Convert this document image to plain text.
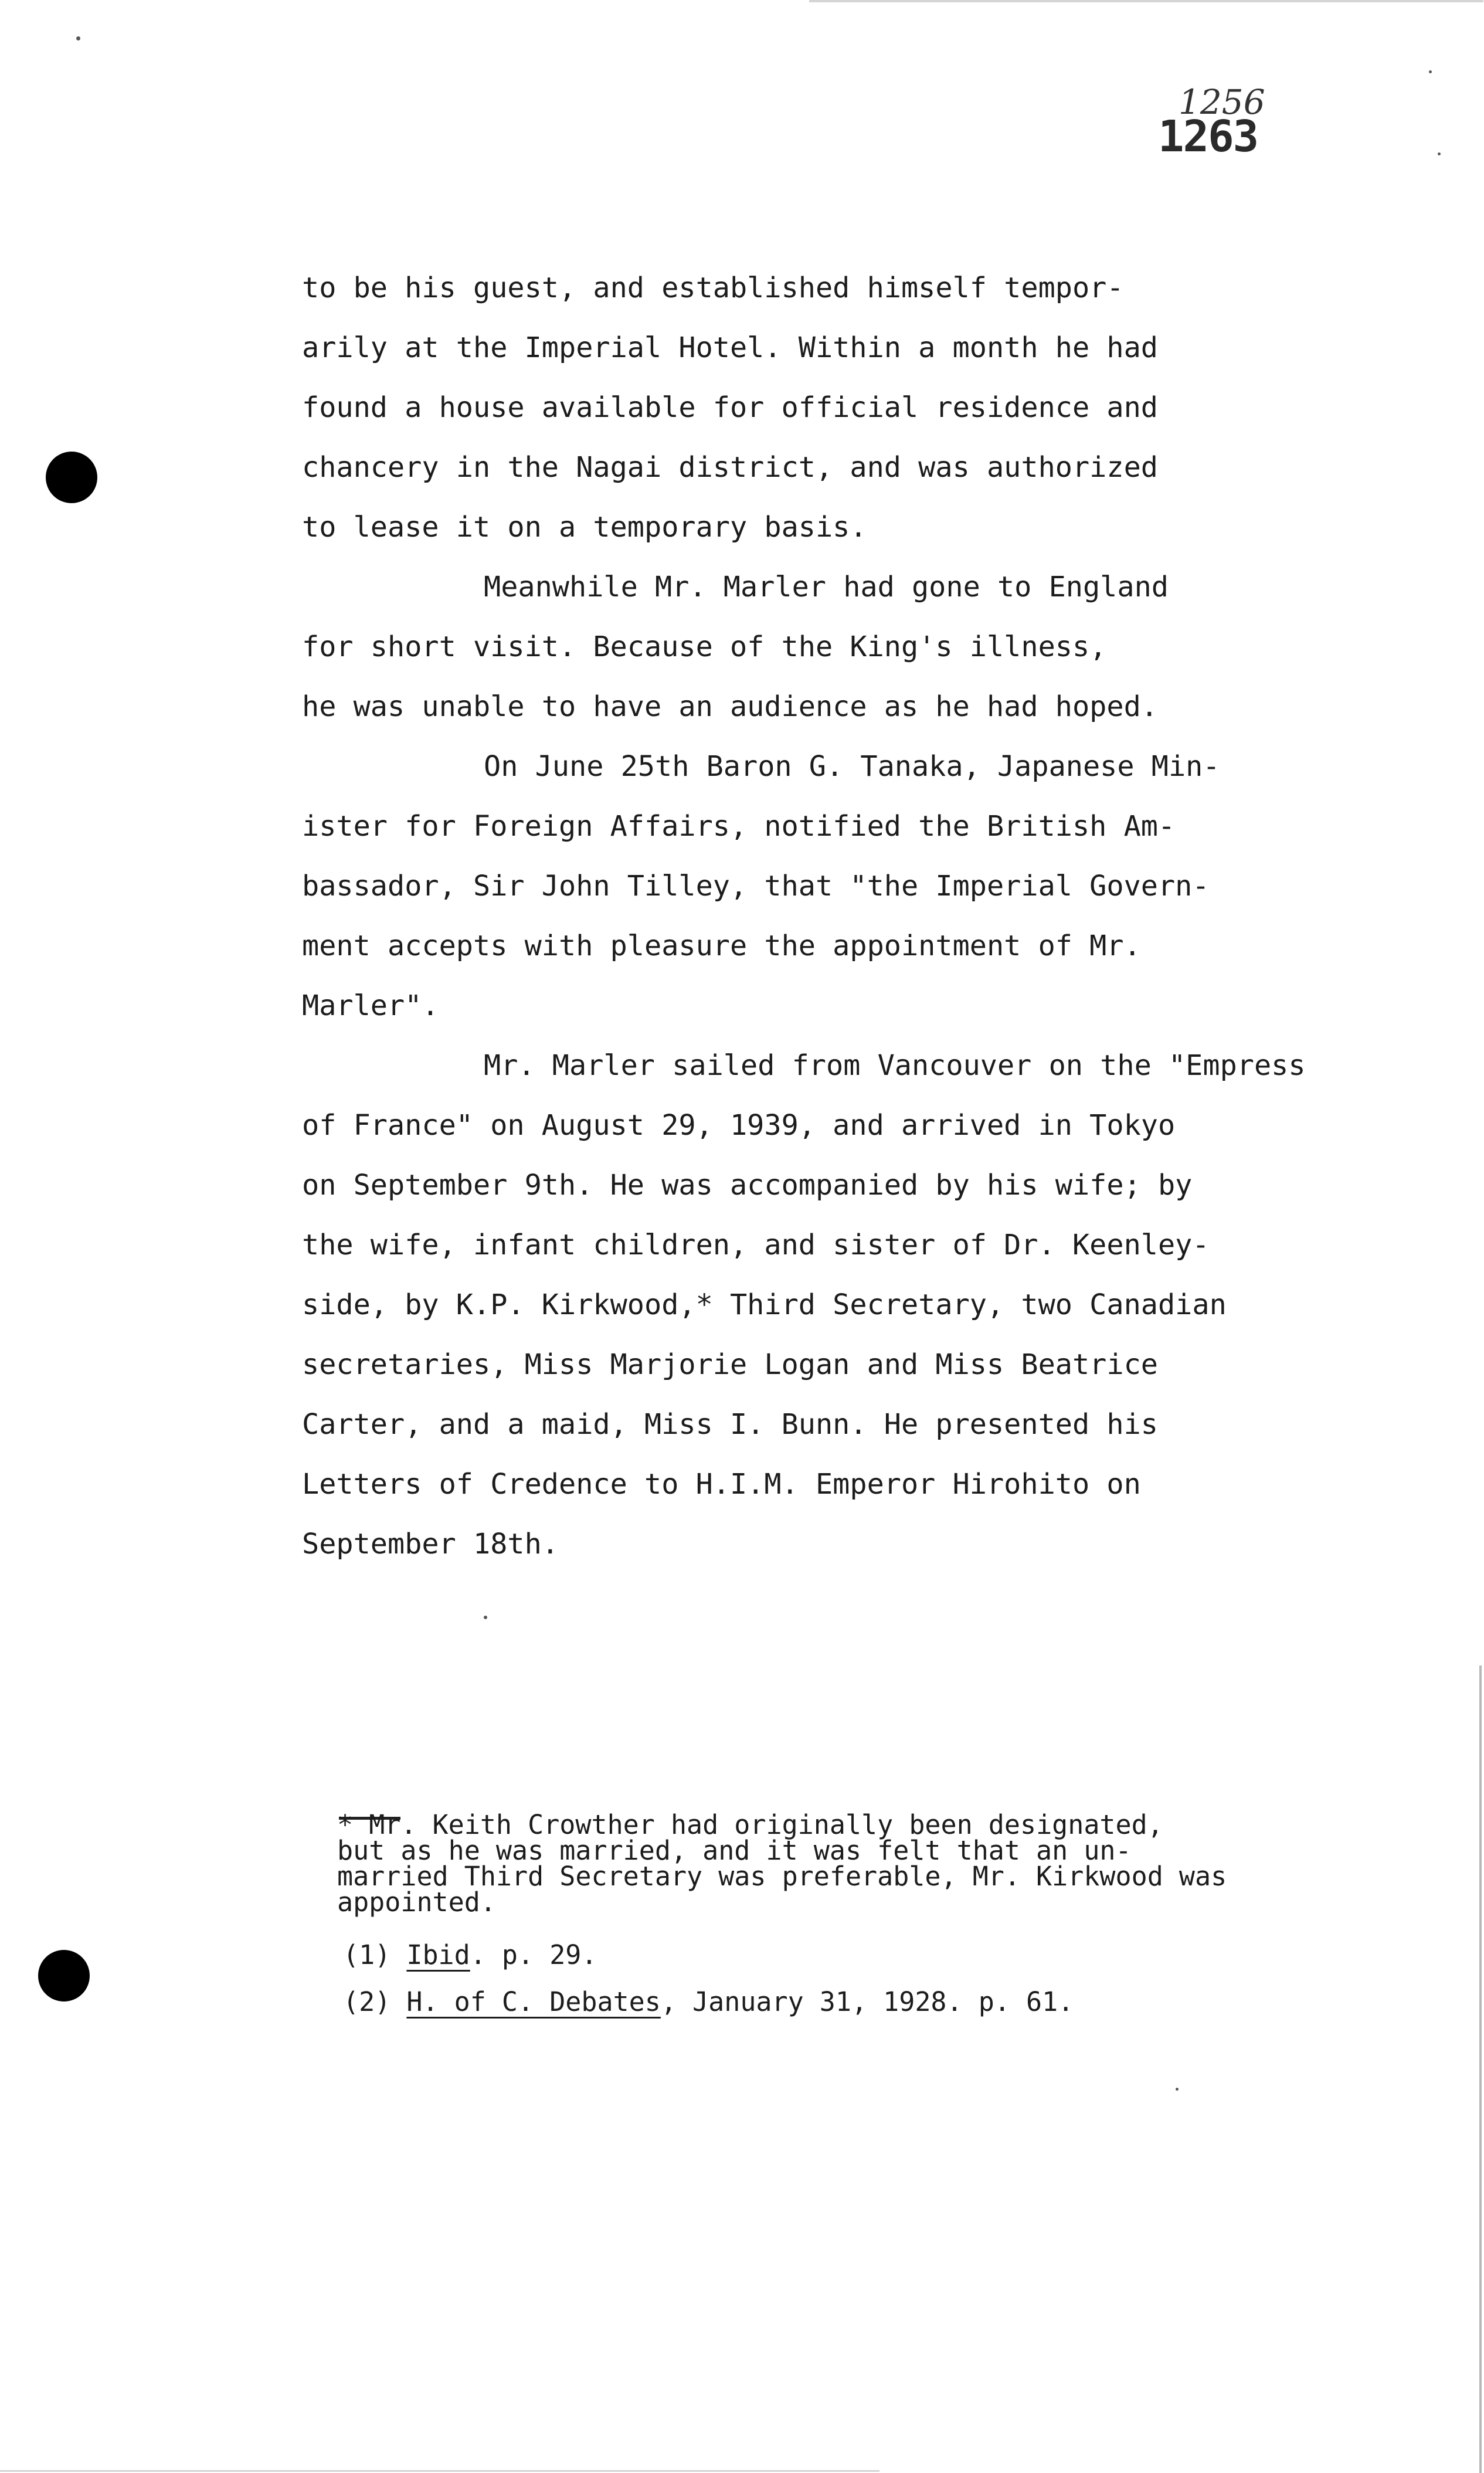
1256
1263
to be his guest, and established himself tempor-
arily at the Imperial Hotel. Within a month he had
found a house available for official residence and
chancery in the Nagai district, and was authorized
to lease it on a temporary basis.
Meanwhile Mr. Marler had gone to England
for short visit. Because of the King's illness,
he was unable to have an audience as he had hoped.
On June 25th Baron G. Tanaka, Japanese Min-
ister for Foreign Affairs, notified the British Am-
bassador, Sir John Tilley, that "the Imperial Govern-
ment accepts with pleasure the appointment of Mr.
Marler".
Mr. Marler sailed from Vancouver on the "Empress
of France" on August 29, 1939, and arrived in Tokyo
on September 9th. He was accompanied by his wife; by
the wife, infant children, and sister of Dr. Keenley-
side, by K.P. Kirkwood,* Third Secretary, two Canadian
secretaries, Miss Marjorie Logan and Miss Beatrice
Carter, and a maid, Miss I. Bunn. He presented his
Letters of Credence to H.I.M. Emperor Hirohito on
September 18th.
* Mr. Keith Crowther had originally been designated,
but as he was married, and it was felt that an un-
married Third Secretary was preferable, Mr. Kirkwood was
appointed.
(1) Ibid. p. 29.
(2) H. of C. Debates, January 31, 1928. p. 61.
